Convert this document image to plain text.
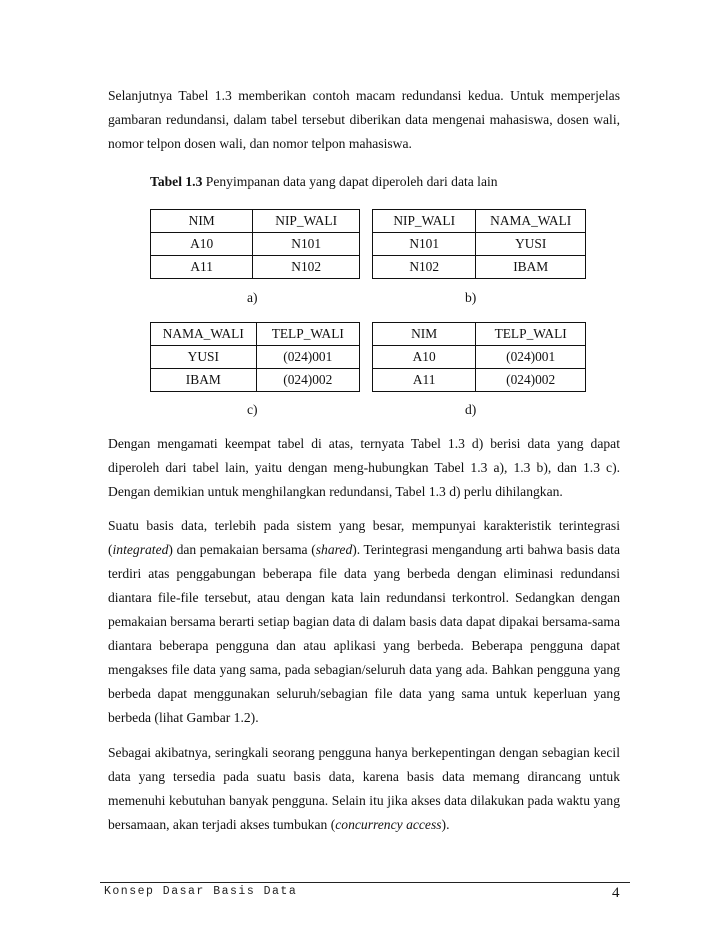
Selanjutnya Tabel 1.3 memberikan contoh macam redundansi kedua. Untuk memperjelas gambaran redundansi, dalam tabel tersebut diberikan data mengenai mahasiswa, dosen wali, nomor telpon dosen wali, dan nomor telpon mahasiswa.
Tabel 1.3 Penyimpanan data yang dapat diperoleh dari data lain
NIM	NIP_WALI
A10	N101
A11	N102
a)
NIP_WALI	NAMA_WALI
N101	YUSI
N102	IBAM
b)
NAMA_WALI	TELP_WALI
YUSI	(024)001
IBAM	(024)002
c)
NIM	TELP_WALI
A10	(024)001
A11	(024)002
d)
Dengan mengamati keempat tabel di atas, ternyata Tabel 1.3 d) berisi data yang dapat diperoleh dari tabel lain, yaitu dengan meng-hubungkan Tabel 1.3 a), 1.3 b), dan 1.3 c). Dengan demikian untuk menghilangkan redundansi, Tabel 1.3 d) perlu dihilangkan.
Suatu basis data, terlebih pada sistem yang besar, mempunyai karakteristik terintegrasi (integrated) dan pemakaian bersama (shared). Terintegrasi mengandung arti bahwa basis data terdiri atas penggabungan beberapa file data yang berbeda dengan eliminasi redundansi diantara file-file tersebut, atau dengan kata lain redundansi terkontrol. Sedangkan dengan pemakaian bersama berarti setiap bagian data di dalam basis data dapat dipakai bersama-sama diantara beberapa pengguna dan atau aplikasi yang berbeda. Beberapa pengguna dapat mengakses file data yang sama, pada sebagian/seluruh data yang ada. Bahkan pengguna yang berbeda dapat menggunakan seluruh/sebagian file data yang sama untuk keperluan yang berbeda (lihat Gambar 1.2).
Sebagai akibatnya, seringkali seorang pengguna hanya berkepentingan dengan sebagian kecil data yang tersedia pada suatu basis data, karena basis data memang dirancang untuk memenuhi kebutuhan banyak pengguna. Selain itu jika akses data dilakukan pada waktu yang bersamaan, akan terjadi akses tumbukan (concurrency access).
Konsep Dasar Basis Data	4
